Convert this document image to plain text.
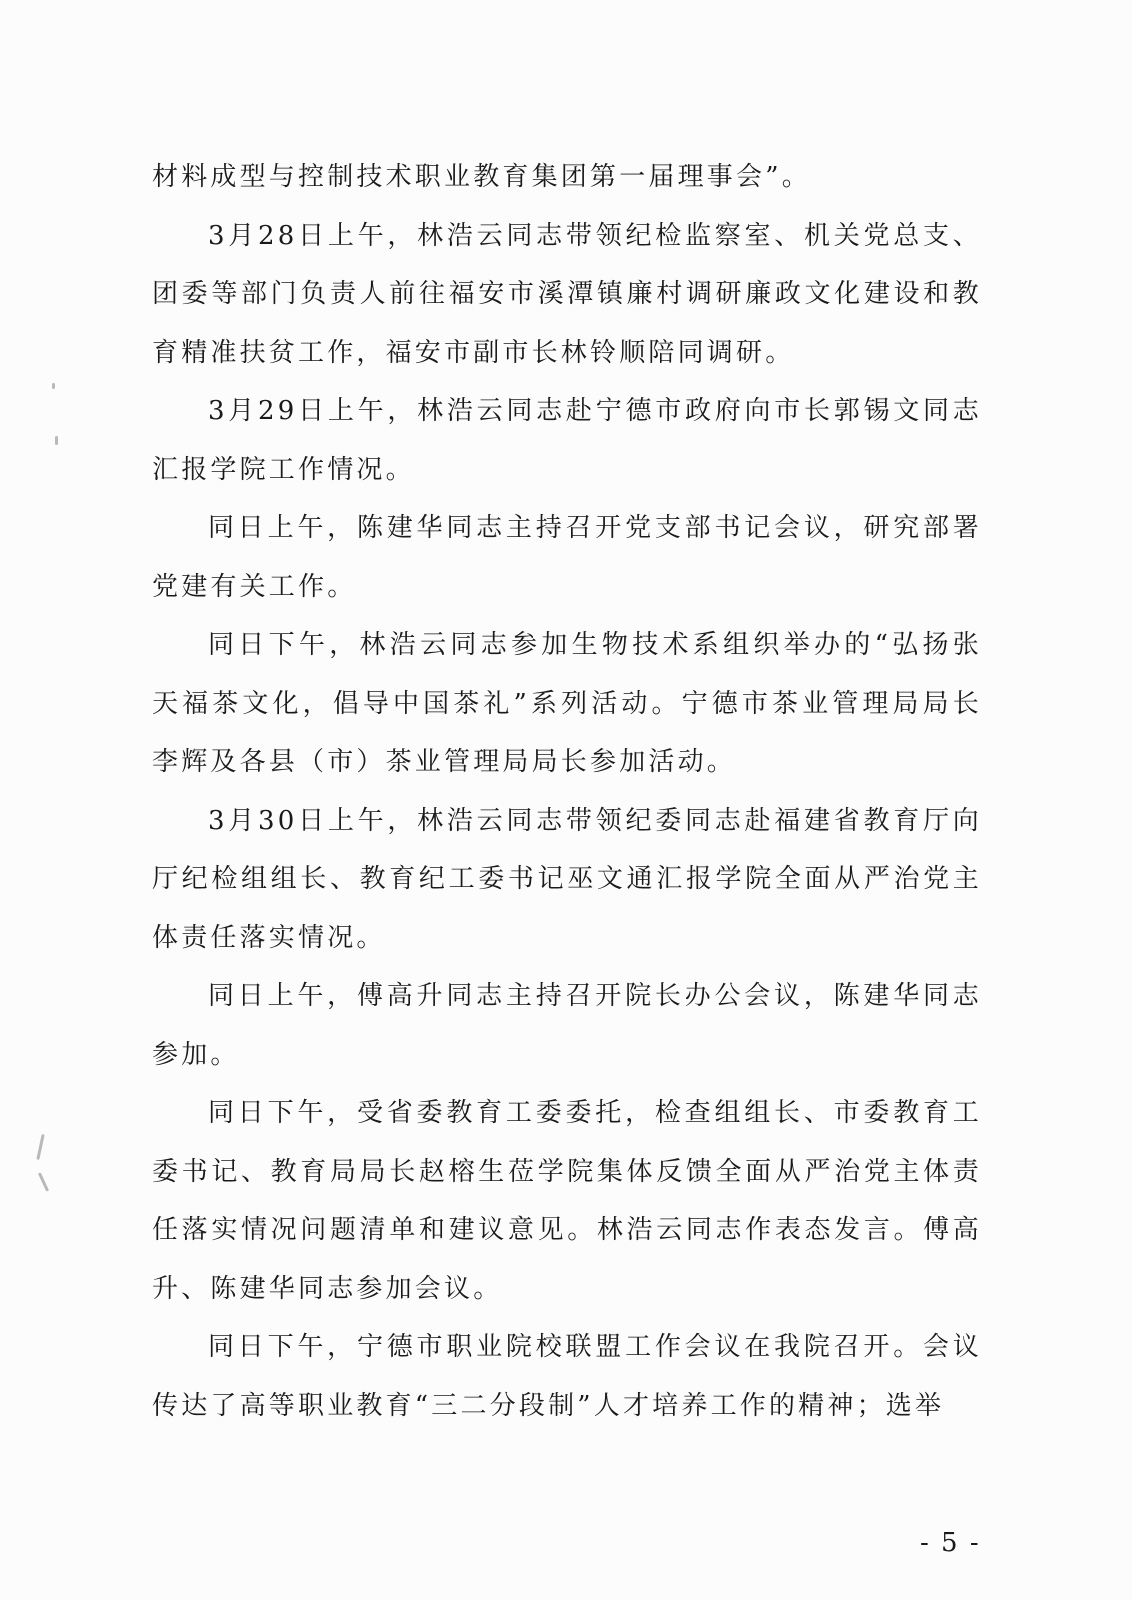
材料成型与控制技术职业教育集团第一届理事会”。

3月28日上午，林浩云同志带领纪检监察室、机关党总支、团委等部门负责人前往福安市溪潭镇廉村调研廉政文化建设和教育精准扶贫工作，福安市副市长林铃顺陪同调研。

3月29日上午，林浩云同志赴宁德市政府向市长郭锡文同志汇报学院工作情况。

同日上午，陈建华同志主持召开党支部书记会议，研究部署党建有关工作。

同日下午，林浩云同志参加生物技术系组织举办的“弘扬张天福茶文化，倡导中国茶礼”系列活动。宁德市茶业管理局局长李辉及各县（市）茶业管理局局长参加活动。

3月30日上午，林浩云同志带领纪委同志赴福建省教育厅向厅纪检组组长、教育纪工委书记巫文通汇报学院全面从严治党主体责任落实情况。

同日上午，傅高升同志主持召开院长办公会议，陈建华同志参加。

同日下午，受省委教育工委委托，检查组组长、市委教育工委书记、教育局局长赵榕生莅学院集体反馈全面从严治党主体责任落实情况问题清单和建议意见。林浩云同志作表态发言。傅高升、陈建华同志参加会议。

同日下午，宁德市职业院校联盟工作会议在我院召开。会议传达了高等职业教育“三二分段制”人才培养工作的精神；选举

- 5 -
